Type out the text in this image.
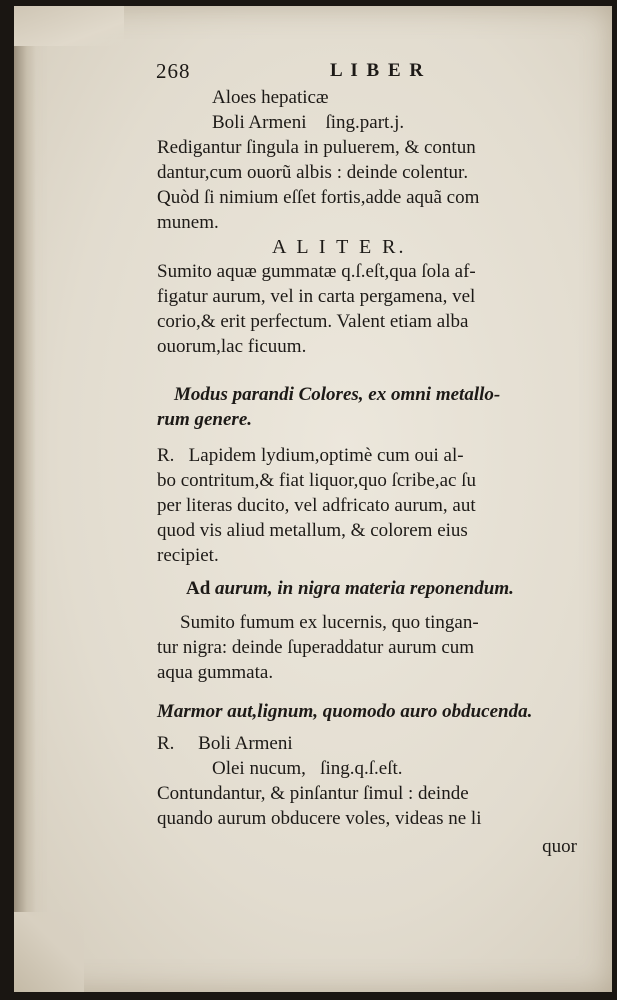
268	L I B E R
Aloes hepaticæ
Boli Armeni    ſing.part.j.
Redigantur ſingula in puluerem, & contun
dantur,cum ouorũ albis : deinde colentur.
Quòd ſi nimium eſſet fortis,adde aquã com
munem.
A L I T E R.
Sumito aquæ gummatæ q.ſ.eſt,qua ſola af-
figatur aurum, vel in carta pergamena, vel
corio,& erit perfectum. Valent etiam alba
ouorum,lac ficuum.
Modus parandi Colores, ex omni metallo-
rum genere.
R.   Lapidem lydium,optimè cum oui al-
bo contritum,& fiat liquor,quo ſcribe,ac ſu
per literas ducito, vel adfricato aurum, aut
quod vis aliud metallum, & colorem eius
recipiet.
Ad aurum, in nigra materia reponendum.
Sumito fumum ex lucernis, quo tingan-
tur nigra: deinde ſuperaddatur aurum cum
aqua gummata.
Marmor aut,lignum, quomodo auro obducenda.
R.     Boli Armeni
Olei nucum,   ſing.q.ſ.eſt.
Contundantur, & pinſantur ſimul : deinde
quando aurum obducere voles, videas ne li
quor
